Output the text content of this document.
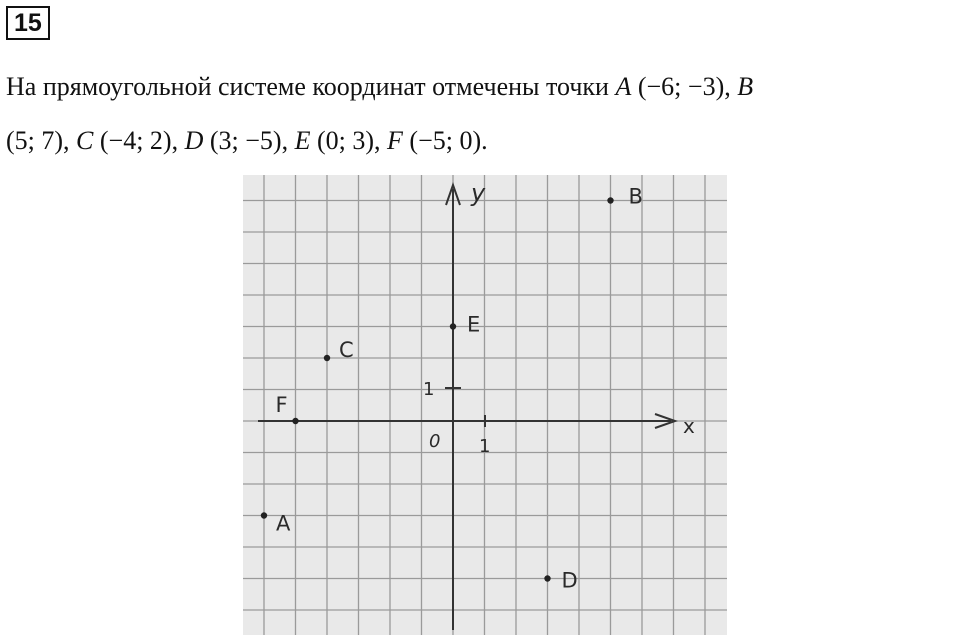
15
На прямоугольной системе координат отмечены точки A (−6; −3), B
(5; 7), C (−4; 2), D (3; −5), E (0; 3), F (−5; 0).
x
y
0 1
1
A
B
C
D
E
F
